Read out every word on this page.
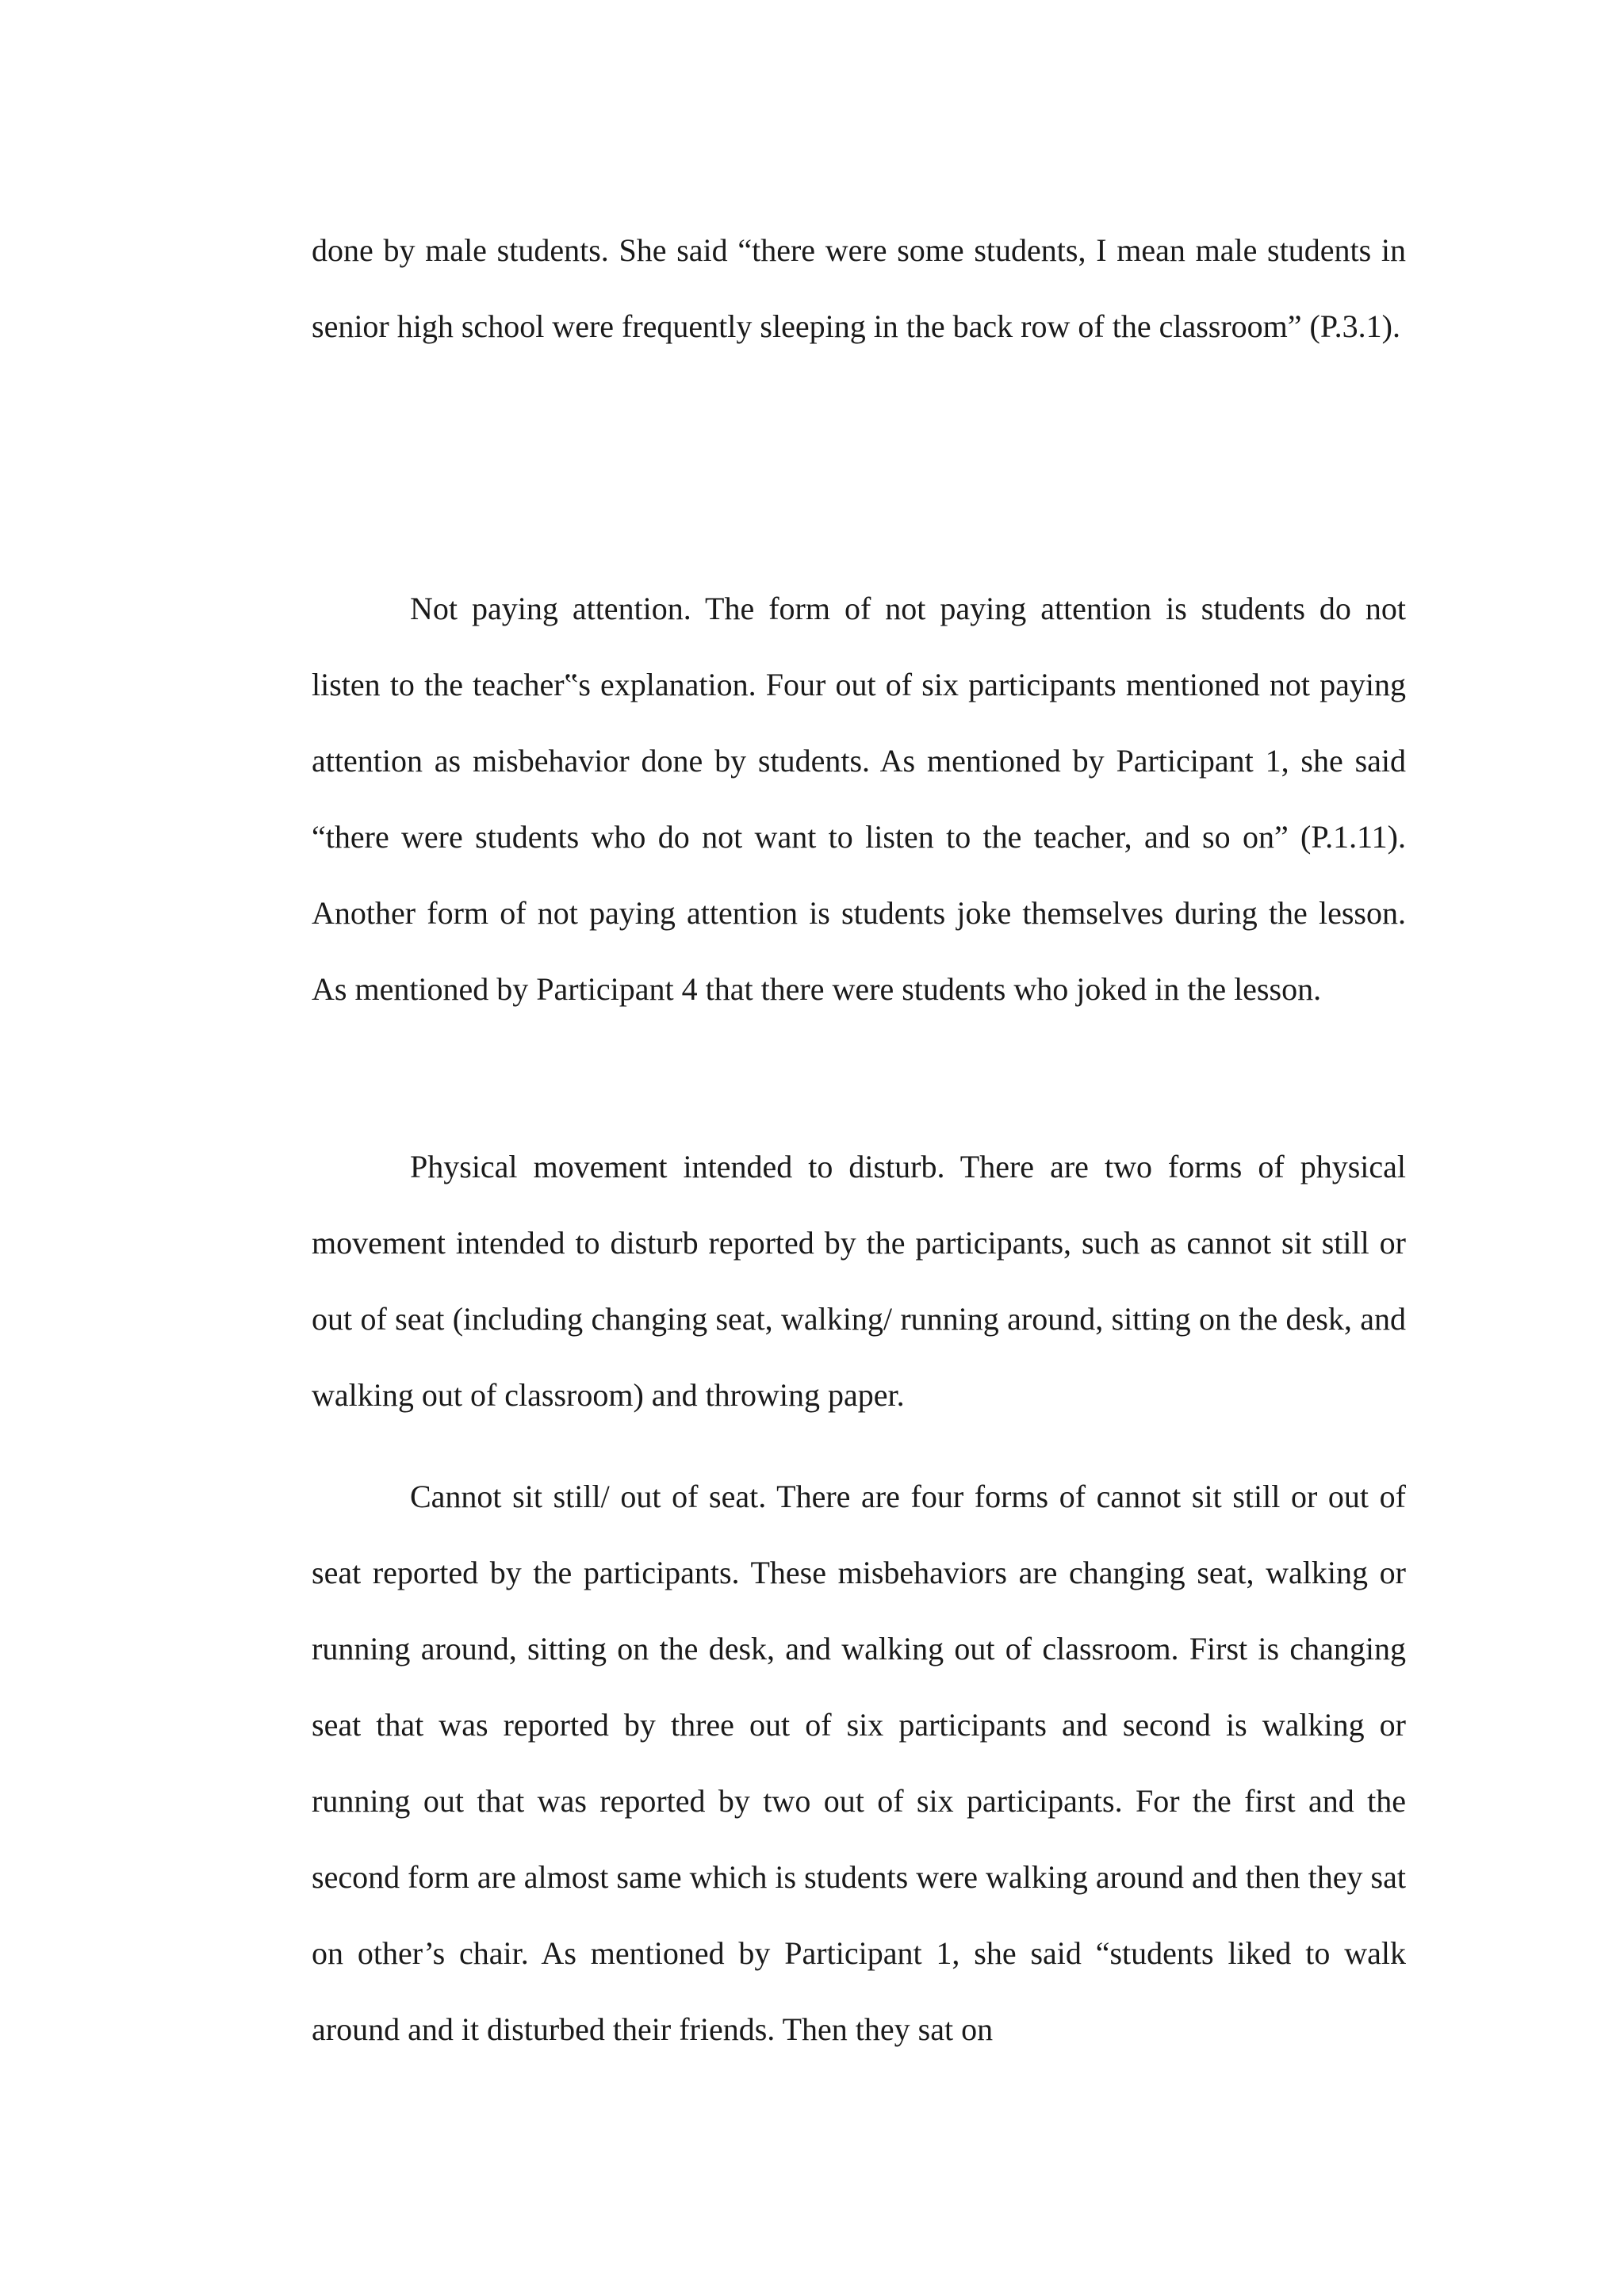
done by male students. She said “there were some students, I mean male students in senior high school were frequently sleeping in the back row of the classroom” (P.3.1).

Not paying attention. The form of not paying attention is students do not listen to the teacher‟s explanation. Four out of six participants mentioned not paying attention as misbehavior done by students. As mentioned by Participant 1, she said “there were students who do not want to listen to the teacher, and so on” (P.1.11). Another form of not paying attention is students joke themselves during the lesson. As mentioned by Participant 4 that there were students who joked in the lesson.

Physical movement intended to disturb. There are two forms of physical movement intended to disturb reported by the participants, such as cannot sit still or out of seat (including changing seat, walking/ running around, sitting on the desk, and walking out of classroom) and throwing paper.

Cannot sit still/ out of seat. There are four forms of cannot sit still or out of seat reported by the participants. These misbehaviors are changing seat, walking or running around, sitting on the desk, and walking out of classroom. First is changing seat that was reported by three out of six participants and second is walking or running out that was reported by two out of six participants. For the first and the second form are almost same which is students were walking around and then they sat on other’s chair. As mentioned by Participant 1, she said “students liked to walk around and it disturbed their friends. Then they sat on
